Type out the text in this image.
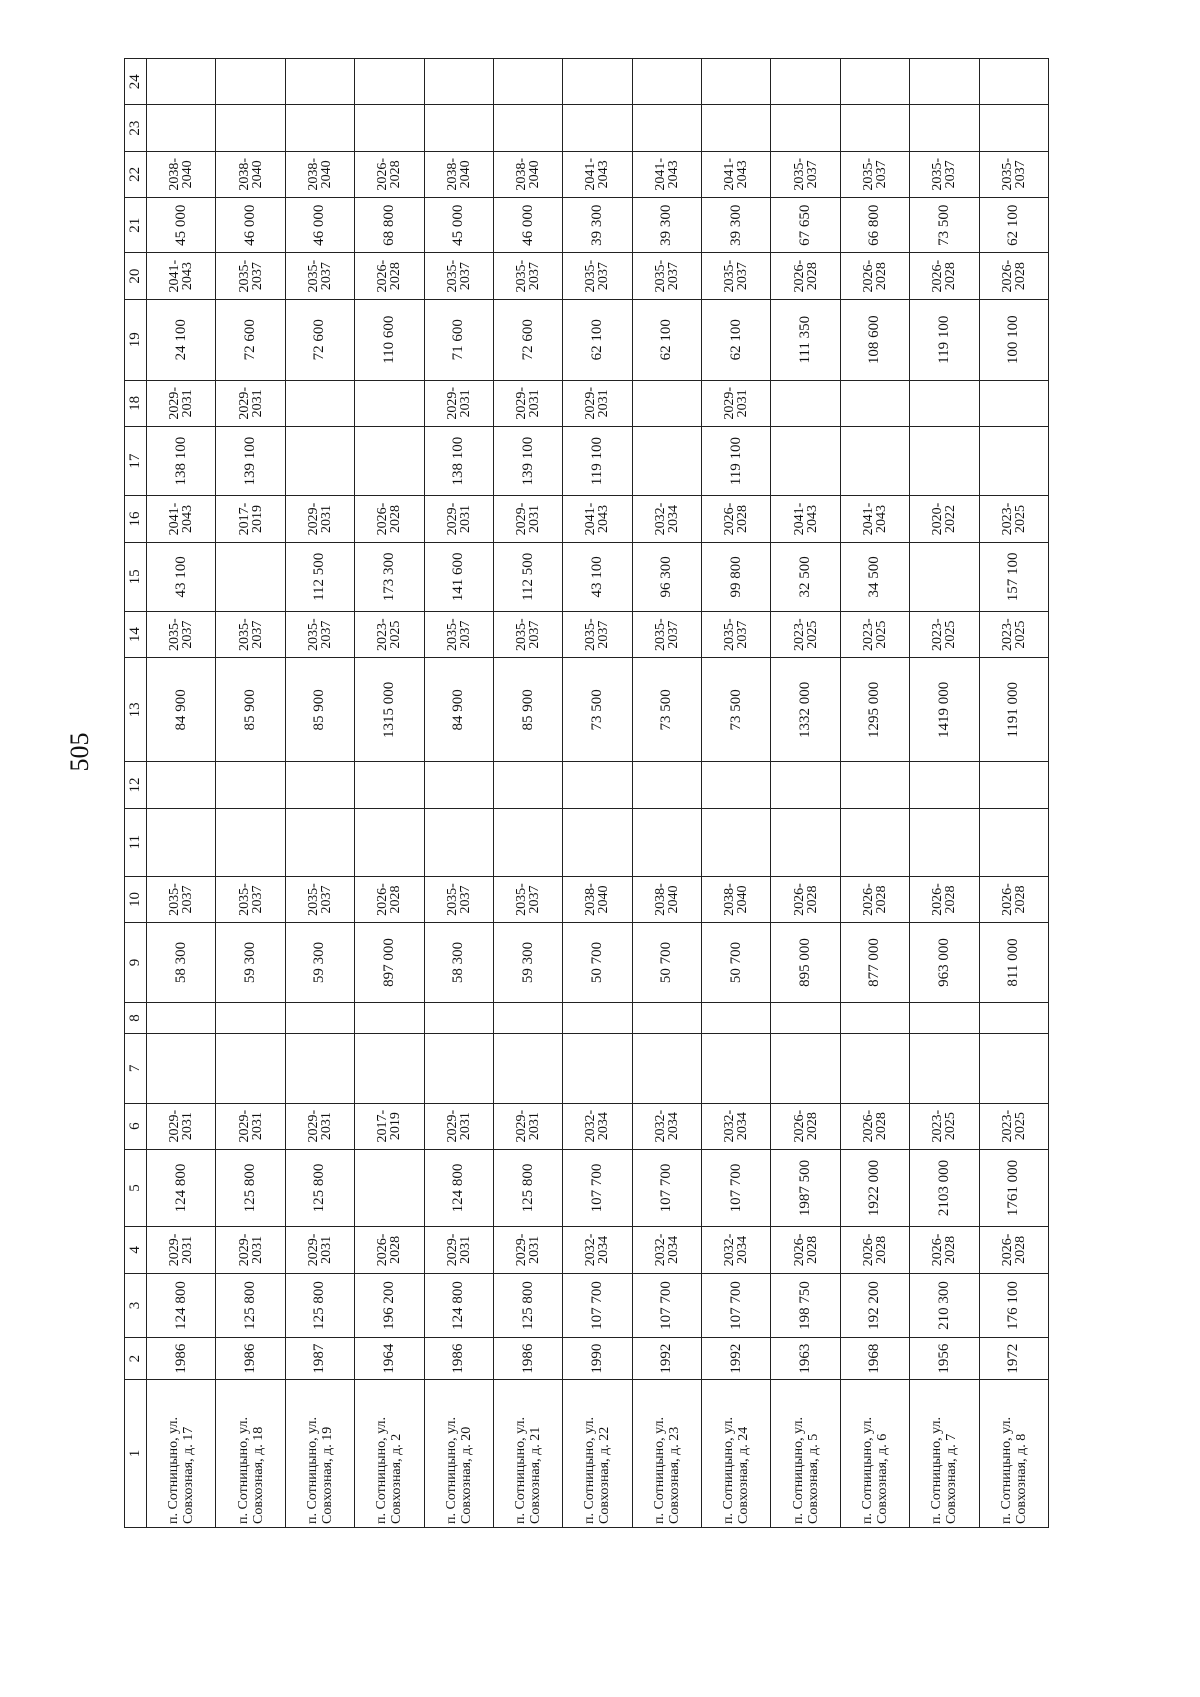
505
1	2	3	4	5	6	7	8	9	10	11	12	13	14	15	16	17	18	19	20	21	22	23	24
п. Сотницыно, ул. Совхозная, д. 17	1986	124 800	2029-2031	124 800	2029-2031			58 300	2035-2037			84 900	2035-2037	43 100	2041-2043	138 100	2029-2031	24 100	2041-2043	45 000	2038-2040		
п. Сотницыно, ул. Совхозная, д. 18	1986	125 800	2029-2031	125 800	2029-2031			59 300	2035-2037			85 900	2035-2037		2017-2019	139 100	2029-2031	72 600	2035-2037	46 000	2038-2040		
п. Сотницыно, ул. Совхозная, д. 19	1987	125 800	2029-2031	125 800	2029-2031			59 300	2035-2037			85 900	2035-2037	112 500	2029-2031			72 600	2035-2037	46 000	2038-2040		
п. Сотницыно, ул. Совхозная, д. 2	1964	196 200	2026-2028		2017-2019			897 000	2026-2028			1315 000	2023-2025	173 300	2026-2028			110 600	2026-2028	68 800	2026-2028		
п. Сотницыно, ул. Совхозная, д. 20	1986	124 800	2029-2031	124 800	2029-2031			58 300	2035-2037			84 900	2035-2037	141 600	2029-2031	138 100	2029-2031	71 600	2035-2037	45 000	2038-2040		
п. Сотницыно, ул. Совхозная, д. 21	1986	125 800	2029-2031	125 800	2029-2031			59 300	2035-2037			85 900	2035-2037	112 500	2029-2031	139 100	2029-2031	72 600	2035-2037	46 000	2038-2040		
п. Сотницыно, ул. Совхозная, д. 22	1990	107 700	2032-2034	107 700	2032-2034			50 700	2038-2040			73 500	2035-2037	43 100	2041-2043	119 100	2029-2031	62 100	2035-2037	39 300	2041-2043		
п. Сотницыно, ул. Совхозная, д. 23	1992	107 700	2032-2034	107 700	2032-2034			50 700	2038-2040			73 500	2035-2037	96 300	2032-2034			62 100	2035-2037	39 300	2041-2043		
п. Сотницыно, ул. Совхозная, д. 24	1992	107 700	2032-2034	107 700	2032-2034			50 700	2038-2040			73 500	2035-2037	99 800	2026-2028	119 100	2029-2031	62 100	2035-2037	39 300	2041-2043		
п. Сотницыно, ул. Совхозная, д. 5	1963	198 750	2026-2028	1987 500	2026-2028			895 000	2026-2028			1332 000	2023-2025	32 500	2041-2043			111 350	2026-2028	67 650	2035-2037		
п. Сотницыно, ул. Совхозная, д. 6	1968	192 200	2026-2028	1922 000	2026-2028			877 000	2026-2028			1295 000	2023-2025	34 500	2041-2043			108 600	2026-2028	66 800	2035-2037		
п. Сотницыно, ул. Совхозная, д. 7	1956	210 300	2026-2028	2103 000	2023-2025			963 000	2026-2028			1419 000	2023-2025		2020-2022			119 100	2026-2028	73 500	2035-2037		
п. Сотницыно, ул. Совхозная, д. 8	1972	176 100	2026-2028	1761 000	2023-2025			811 000	2026-2028			1191 000	2023-2025	157 100	2023-2025			100 100	2026-2028	62 100	2035-2037		
